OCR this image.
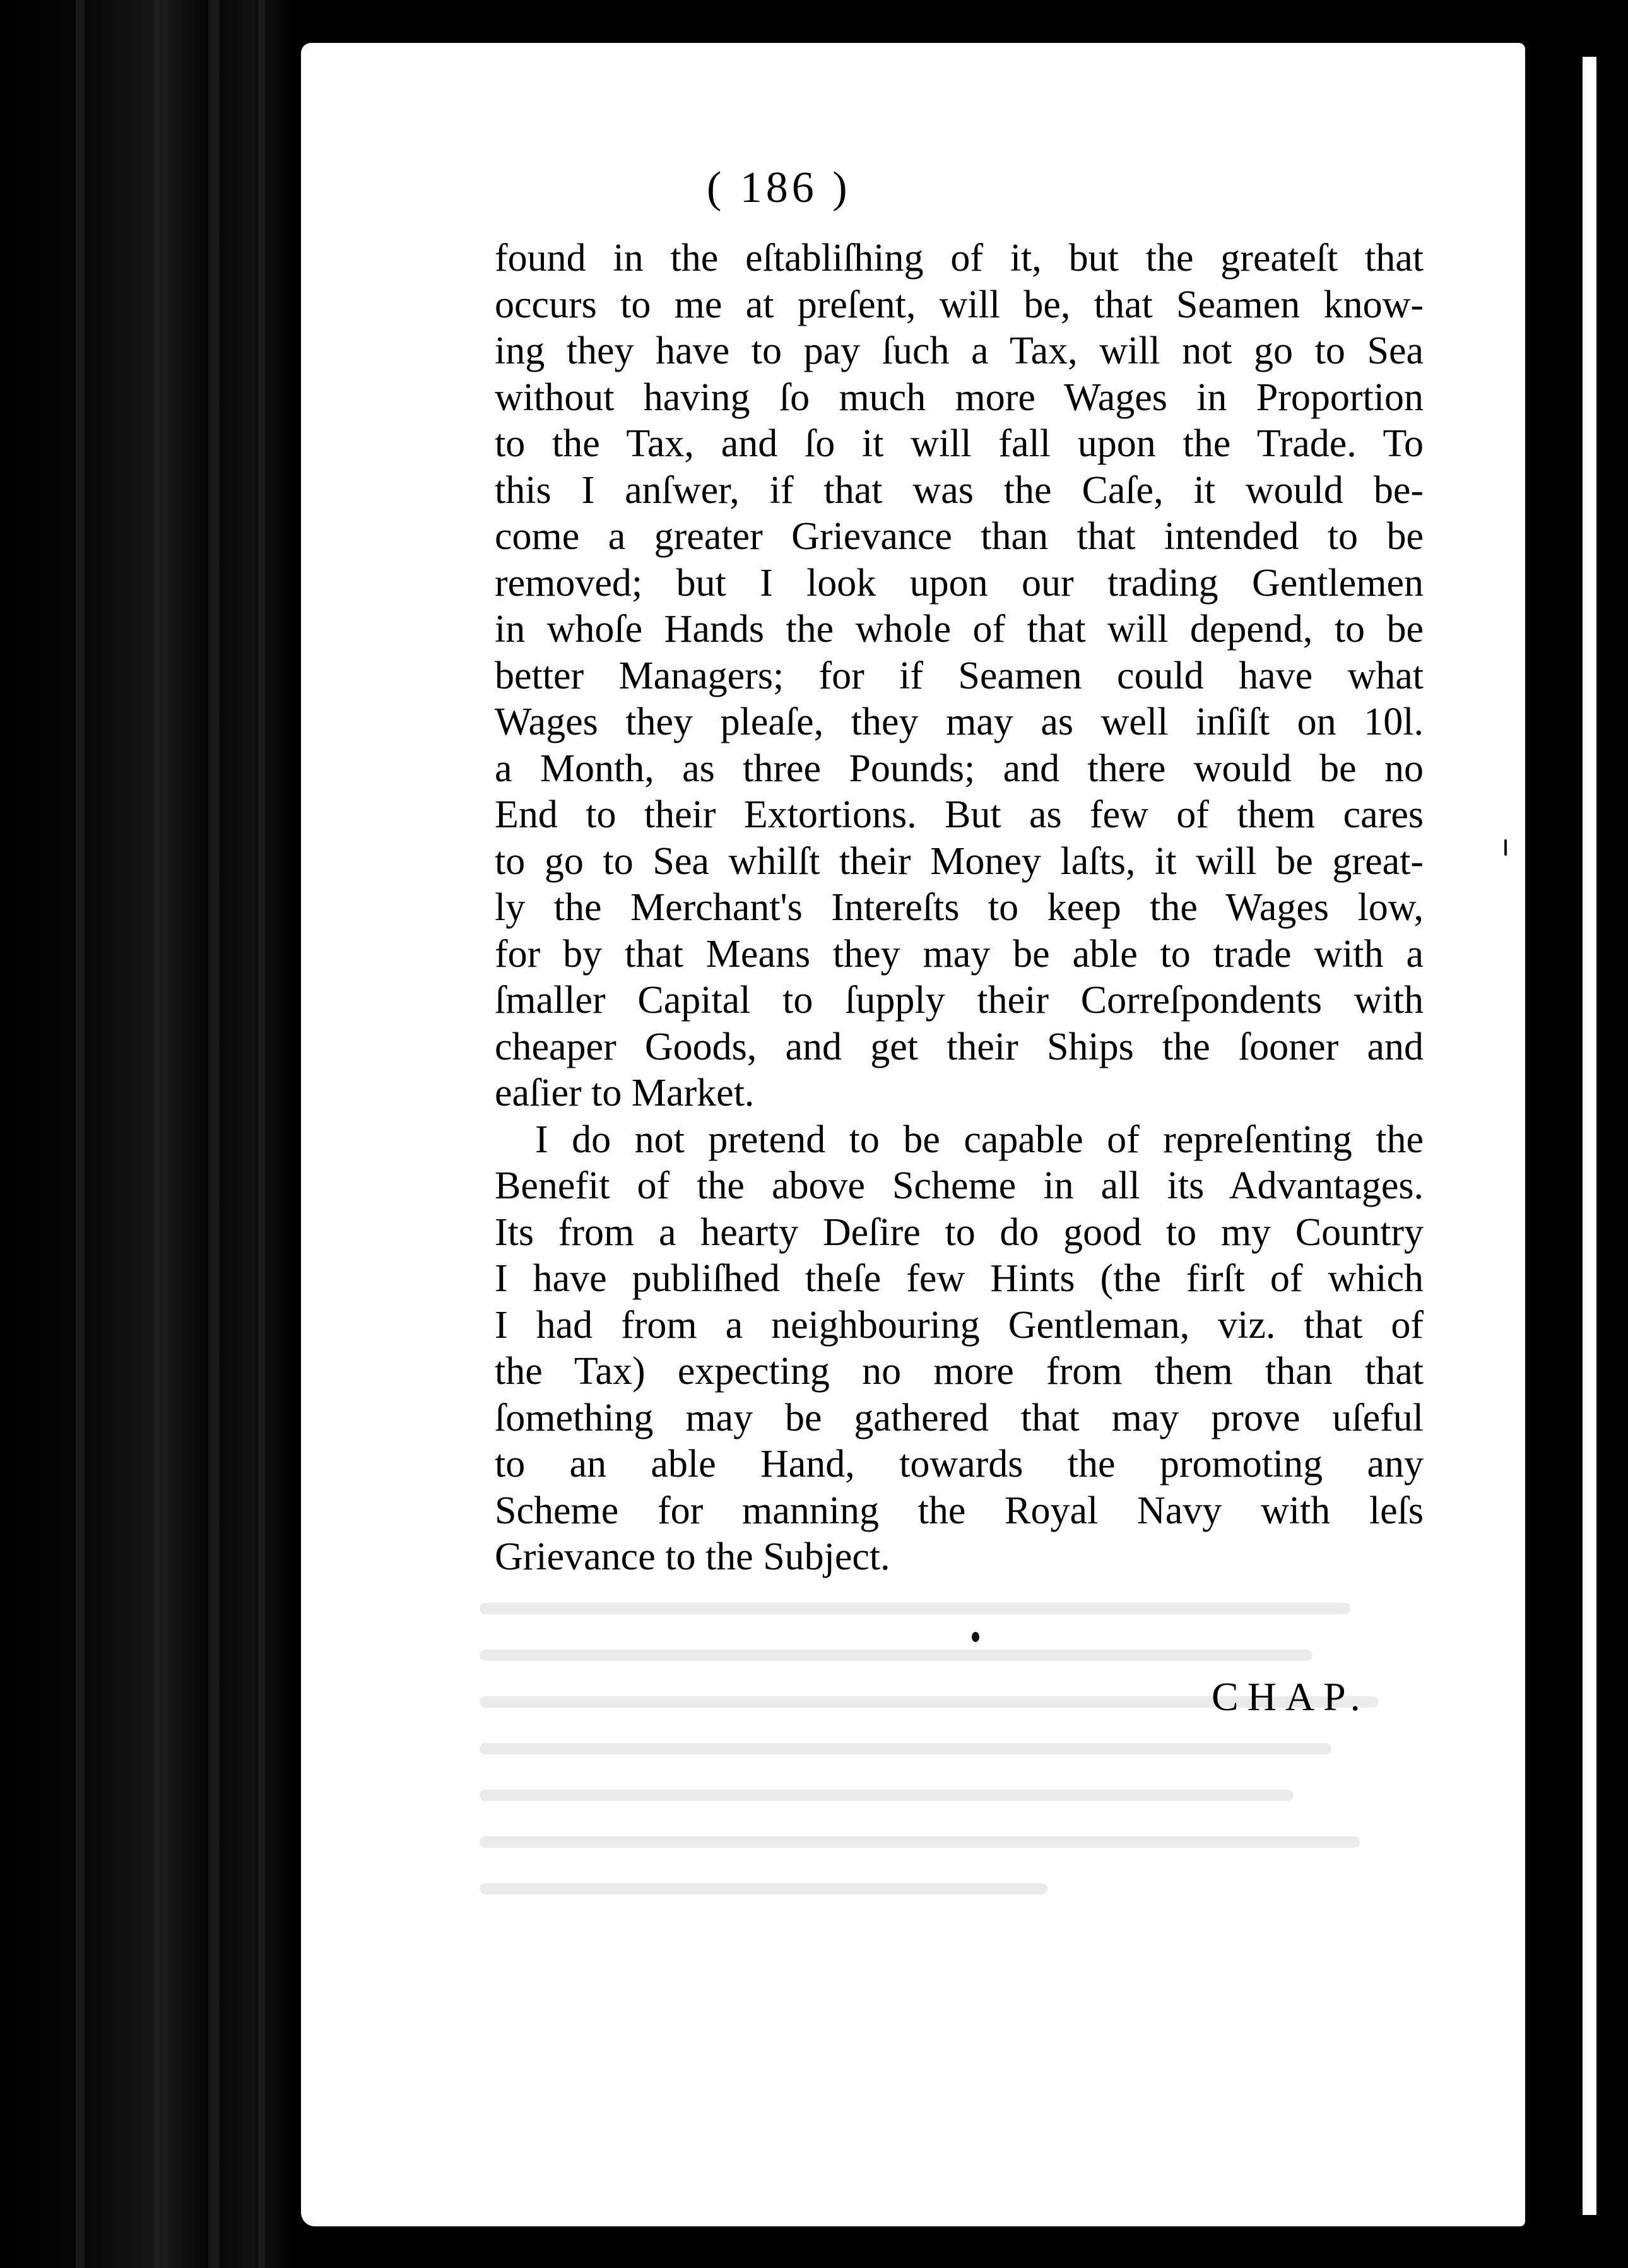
( 186 )
found in the eſtabliſhing of it, but the greateſt that
occurs to me at preſent, will be, that Seamen know-
ing they have to pay ſuch a Tax, will not go to Sea
without having ſo much more Wages in Proportion
to the Tax, and ſo it will fall upon the Trade. To
this I anſwer, if that was the Caſe, it would be-
come a greater Grievance than that intended to be
removed; but I look upon our trading Gentlemen
in whoſe Hands the whole of that will depend, to be
better Managers; for if Seamen could have what
Wages they pleaſe, they may as well inſiſt on 10l.
a Month, as three Pounds; and there would be no
End to their Extortions. But as few of them cares
to go to Sea whilſt their Money laſts, it will be great-
ly the Merchant's Intereſts to keep the Wages low,
for by that Means they may be able to trade with a
ſmaller Capital to ſupply their Correſpondents with
cheaper Goods, and get their Ships the ſooner and
eaſier to Market.
I do not pretend to be capable of repreſenting the
Benefit of the above Scheme in all its Advantages.
Its from a hearty Deſire to do good to my Country
I have publiſhed theſe few Hints (the firſt of which
I had from a neighbouring Gentleman, viz. that of
the Tax) expecting no more from them than that
ſomething may be gathered that may prove uſeful
to an able Hand, towards the promoting any
Scheme for manning the Royal Navy with leſs
Grievance to the Subject.
CHAP.
